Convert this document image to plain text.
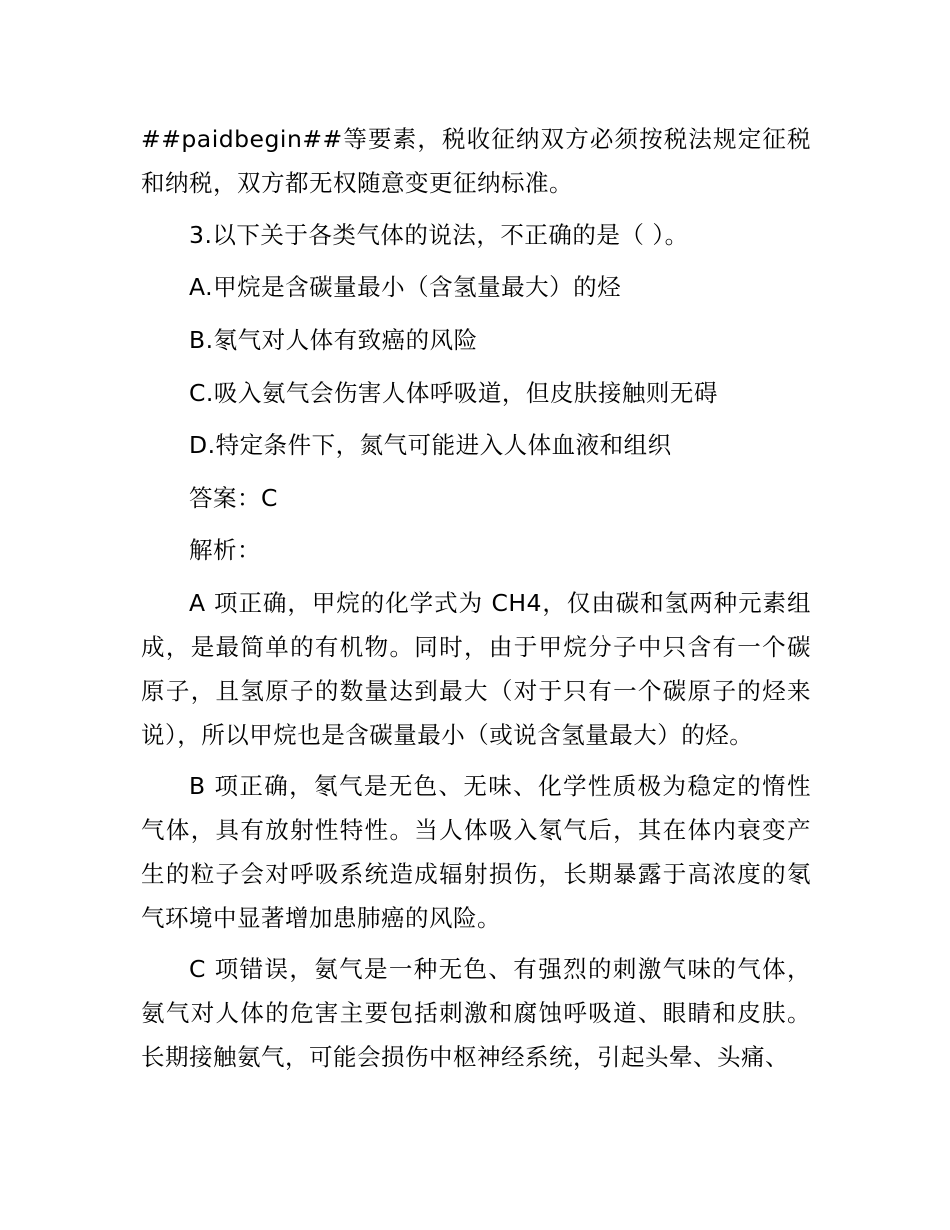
##paidbegin##等要素，税收征纳双方必须按税法规定征税和纳税，双方都无权随意变更征纳标准。
3.以下关于各类气体的说法，不正确的是（ ）。
A.甲烷是含碳量最小（含氢量最大）的烃
B.氡气对人体有致癌的风险
C.吸入氨气会伤害人体呼吸道，但皮肤接触则无碍
D.特定条件下，氮气可能进入人体血液和组织
答案：C
解析：
A 项正确，甲烷的化学式为 CH4，仅由碳和氢两种元素组成，是最简单的有机物。同时，由于甲烷分子中只含有一个碳原子，且氢原子的数量达到最大（对于只有一个碳原子的烃来说），所以甲烷也是含碳量最小（或说含氢量最大）的烃。
B 项正确，氡气是无色、无味、化学性质极为稳定的惰性气体，具有放射性特性。当人体吸入氡气后，其在体内衰变产生的粒子会对呼吸系统造成辐射损伤，长期暴露于高浓度的氡气环境中显著增加患肺癌的风险。
C 项错误，氨气是一种无色、有强烈的刺激气味的气体，氨气对人体的危害主要包括刺激和腐蚀呼吸道、眼睛和皮肤。长期接触氨气，可能会损伤中枢神经系统，引起头晕、头痛、
